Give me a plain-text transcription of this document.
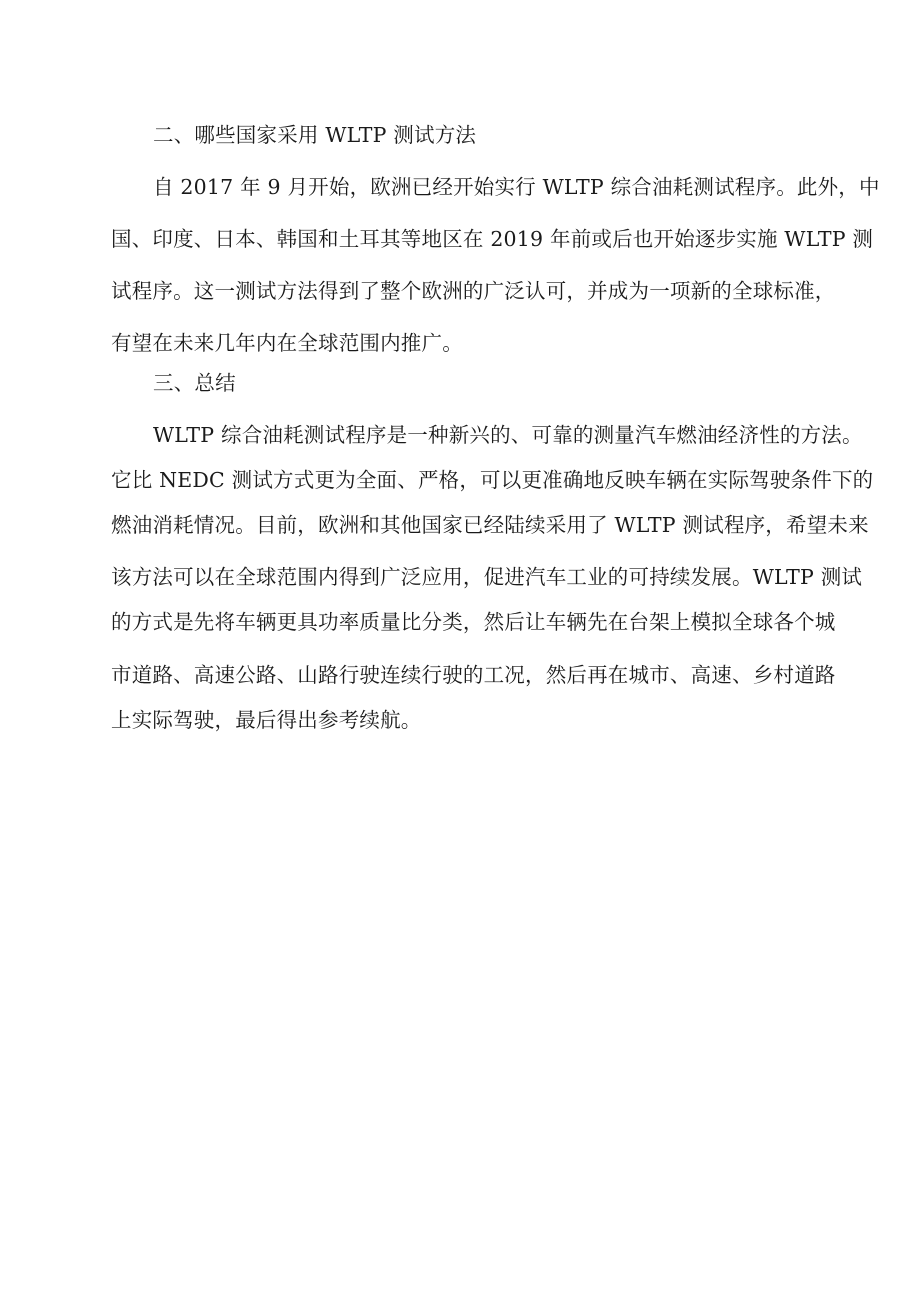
二、哪些国家采用 WLTP 测试方法
自 2017 年 9 月开始，欧洲已经开始实行 WLTP 综合油耗测试程序。此外，中
国、印度、日本、韩国和土耳其等地区在 2019 年前或后也开始逐步实施 WLTP 测
试程序。这一测试方法得到了整个欧洲的广泛认可，并成为一项新的全球标准，
有望在未来几年内在全球范围内推广。
三、总结
WLTP 综合油耗测试程序是一种新兴的、可靠的测量汽车燃油经济性的方法。
它比 NEDC 测试方式更为全面、严格，可以更准确地反映车辆在实际驾驶条件下的
燃油消耗情况。目前，欧洲和其他国家已经陆续采用了 WLTP 测试程序，希望未来
该方法可以在全球范围内得到广泛应用，促进汽车工业的可持续发展。WLTP 测试
的方式是先将车辆更具功率质量比分类，然后让车辆先在台架上模拟全球各个城
市道路、高速公路、山路行驶连续行驶的工况，然后再在城市、高速、乡村道路
上实际驾驶，最后得出参考续航。
